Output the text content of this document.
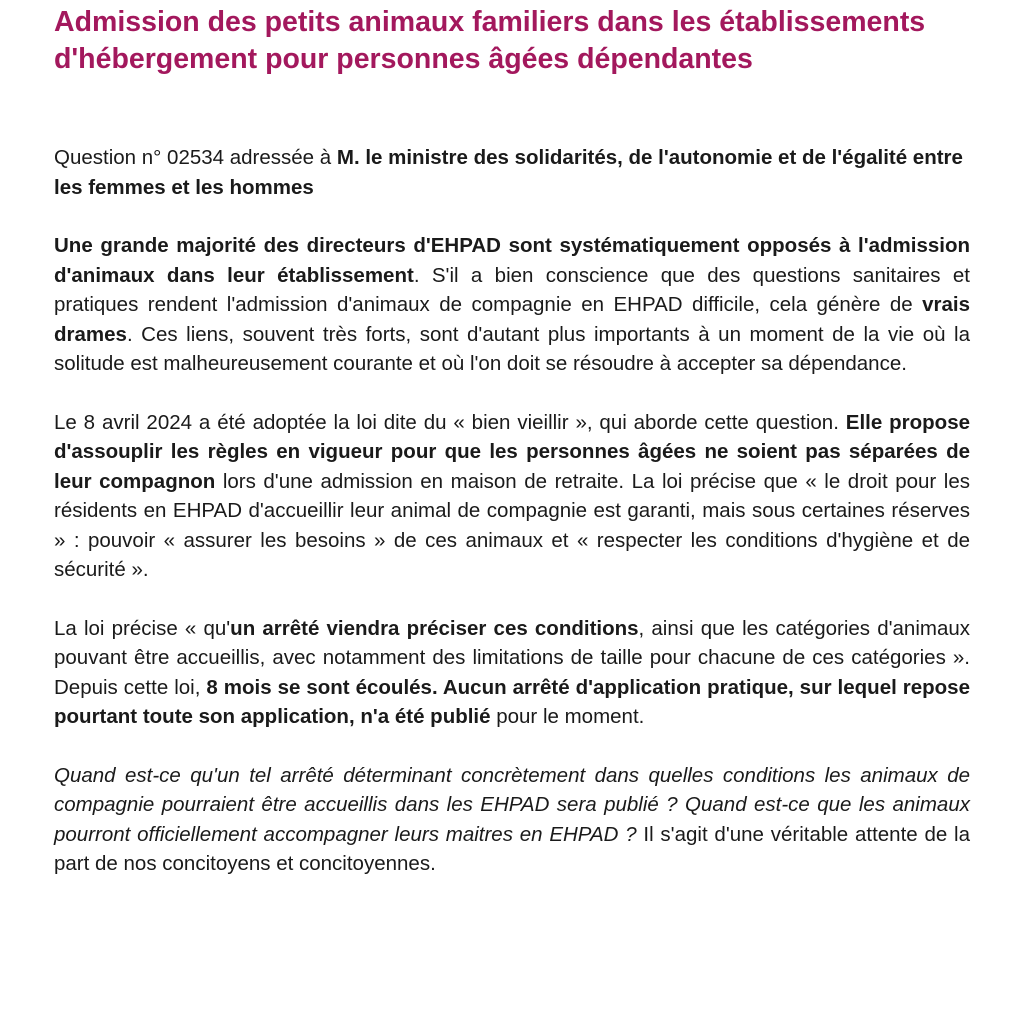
Admission des petits animaux familiers dans les établissements d'hébergement pour personnes âgées dépendantes

Question n° 02534 adressée à M. le ministre des solidarités, de l'autonomie et de l'égalité entre les femmes et les hommes

Une grande majorité des directeurs d'EHPAD sont systématiquement opposés à l'admission d'animaux dans leur établissement. S'il a bien conscience que des questions sanitaires et pratiques rendent l'admission d'animaux de compagnie en EHPAD difficile, cela génère de vrais drames. Ces liens, souvent très forts, sont d'autant plus importants à un moment de la vie où la solitude est malheureusement courante et où l'on doit se résoudre à accepter sa dépendance.

Le 8 avril 2024 a été adoptée la loi dite du « bien vieillir », qui aborde cette question. Elle propose d'assouplir les règles en vigueur pour que les personnes âgées ne soient pas séparées de leur compagnon lors d'une admission en maison de retraite. La loi précise que « le droit pour les résidents en EHPAD d'accueillir leur animal de compagnie est garanti, mais sous certaines réserves » : pouvoir « assurer les besoins » de ces animaux et « respecter les conditions d'hygiène et de sécurité ».

La loi précise « qu'un arrêté viendra préciser ces conditions, ainsi que les catégories d'animaux pouvant être accueillis, avec notamment des limitations de taille pour chacune de ces catégories ». Depuis cette loi, 8 mois se sont écoulés. Aucun arrêté d'application pratique, sur lequel repose pourtant toute son application, n'a été publié pour le moment.

Quand est-ce qu'un tel arrêté déterminant concrètement dans quelles conditions les animaux de compagnie pourraient être accueillis dans les EHPAD sera publié ? Quand est-ce que les animaux pourront officiellement accompagner leurs maitres en EHPAD ? Il s'agit d'une véritable attente de la part de nos concitoyens et concitoyennes.
